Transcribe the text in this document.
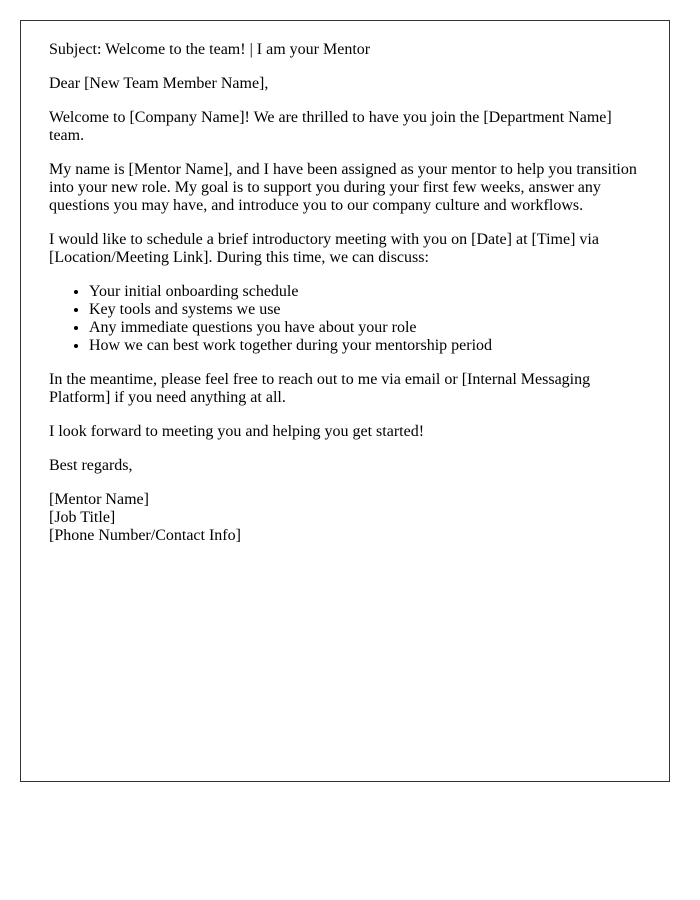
Subject: Welcome to the team! | I am your Mentor

Dear [New Team Member Name],

Welcome to [Company Name]! We are thrilled to have you join the [Department Name] team.

My name is [Mentor Name], and I have been assigned as your mentor to help you transition into your new role. My goal is to support you during your first few weeks, answer any questions you may have, and introduce you to our company culture and workflows.

I would like to schedule a brief introductory meeting with you on [Date] at [Time] via [Location/Meeting Link]. During this time, we can discuss:

• Your initial onboarding schedule
• Key tools and systems we use
• Any immediate questions you have about your role
• How we can best work together during your mentorship period

In the meantime, please feel free to reach out to me via email or [Internal Messaging Platform] if you need anything at all.

I look forward to meeting you and helping you get started!

Best regards,

[Mentor Name]
[Job Title]
[Phone Number/Contact Info]
